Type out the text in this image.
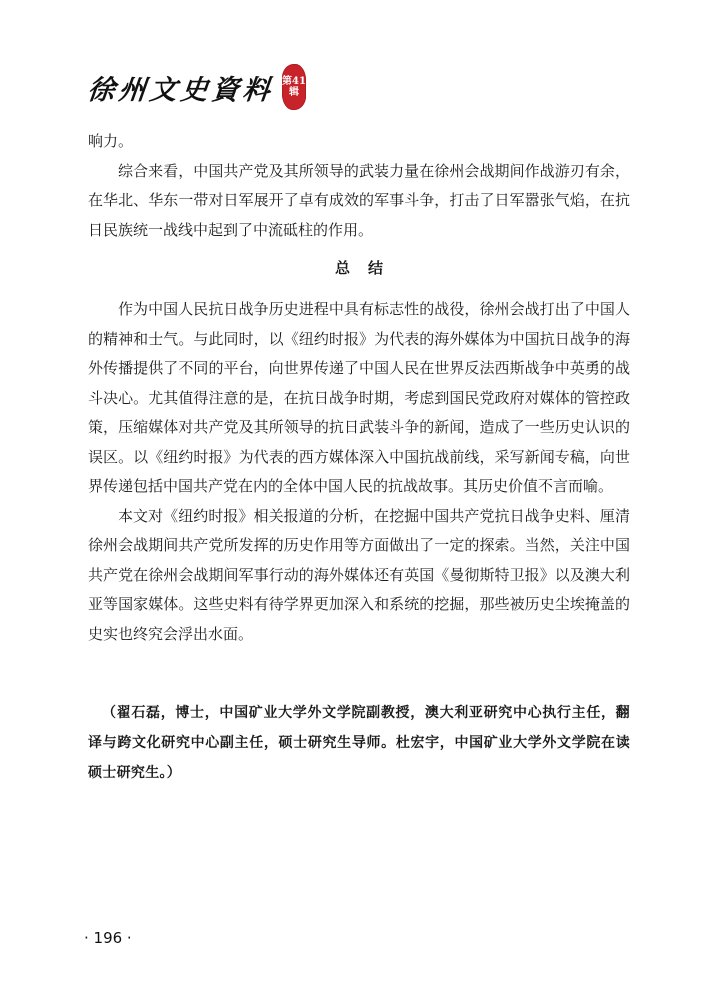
徐州文史資料 第41
辑

响力。

综合来看，中国共产党及其所领导的武装力量在徐州会战期间作战游刃有余，在华北、华东一带对日军展开了卓有成效的军事斗争，打击了日军嚣张气焰，在抗日民族统一战线中起到了中流砥柱的作用。

总结

作为中国人民抗日战争历史进程中具有标志性的战役，徐州会战打出了中国人的精神和士气。与此同时，以《纽约时报》为代表的海外媒体为中国抗日战争的海外传播提供了不同的平台，向世界传递了中国人民在世界反法西斯战争中英勇的战斗决心。尤其值得注意的是，在抗日战争时期，考虑到国民党政府对媒体的管控政策，压缩媒体对共产党及其所领导的抗日武装斗争的新闻，造成了一些历史认识的误区。以《纽约时报》为代表的西方媒体深入中国抗战前线，采写新闻专稿，向世界传递包括中国共产党在内的全体中国人民的抗战故事。其历史价值不言而喻。

本文对《纽约时报》相关报道的分析，在挖掘中国共产党抗日战争史料、厘清徐州会战期间共产党所发挥的历史作用等方面做出了一定的探索。当然，关注中国共产党在徐州会战期间军事行动的海外媒体还有英国《曼彻斯特卫报》以及澳大利亚等国家媒体。这些史料有待学界更加深入和系统的挖掘，那些被历史尘埃掩盖的史实也终究会浮出水面。

（翟石磊，博士，中国矿业大学外文学院副教授，澳大利亚研究中心执行主任，翻译与跨文化研究中心副主任，硕士研究生导师。杜宏宇，中国矿业大学外文学院在读硕士研究生。）

· 196 ·
